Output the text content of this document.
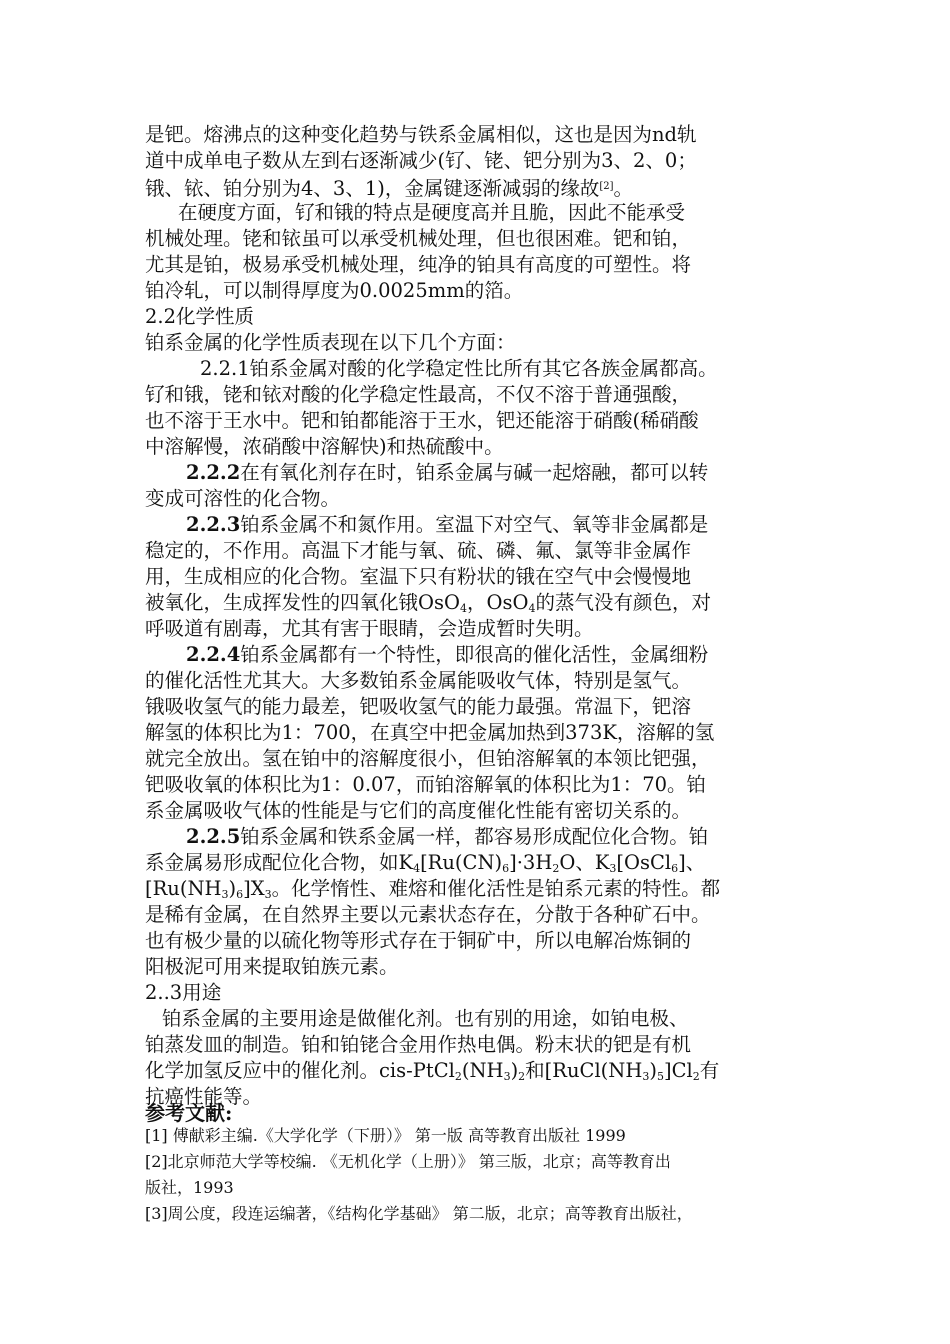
是钯。熔沸点的这种变化趋势与铁系金属相似，这也是因为nd轨
道中成单电子数从左到右逐渐减少(钌、铑、钯分别为3、2、0；
锇、铱、铂分别为4、3、1)，金属键逐渐减弱的缘故[2]。
在硬度方面，钌和锇的特点是硬度高并且脆，因此不能承受
机械处理。铑和铱虽可以承受机械处理，但也很困难。钯和铂，
尤其是铂，极易承受机械处理，纯净的铂具有高度的可塑性。将
铂冷轧，可以制得厚度为0.0025mm的箔。
2.2化学性质
铂系金属的化学性质表现在以下几个方面：
2.2.1铂系金属对酸的化学稳定性比所有其它各族金属都高。
钌和锇，铑和铱对酸的化学稳定性最高，不仅不溶于普通强酸，
也不溶于王水中。钯和铂都能溶于王水，钯还能溶于硝酸(稀硝酸
中溶解慢，浓硝酸中溶解快)和热硫酸中。
2.2.2在有氧化剂存在时，铂系金属与碱一起熔融，都可以转
变成可溶性的化合物。
2.2.3铂系金属不和氮作用。室温下对空气、氧等非金属都是
稳定的，不作用。高温下才能与氧、硫、磷、氟、氯等非金属作
用，生成相应的化合物。室温下只有粉状的锇在空气中会慢慢地
被氧化，生成挥发性的四氧化锇OsO$_4$，OsO$_4$的蒸气没有颜色，对
呼吸道有剧毒，尤其有害于眼睛，会造成暂时失明。
2.2.4铂系金属都有一个特性，即很高的催化活性，金属细粉
的催化活性尤其大。大多数铂系金属能吸收气体，特别是氢气。
锇吸收氢气的能力最差，钯吸收氢气的能力最强。常温下，钯溶
解氢的体积比为1：700，在真空中把金属加热到373K，溶解的氢
就完全放出。氢在铂中的溶解度很小，但铂溶解氧的本领比钯强，
钯吸收氧的体积比为1：0.07，而铂溶解氧的体积比为1：70。铂
系金属吸收气体的性能是与它们的高度催化性能有密切关系的。
2.2.5铂系金属和铁系金属一样，都容易形成配位化合物。铂
系金属易形成配位化合物，如$K_4[Ru(CN)_6]\cdot 3H_2O$、$K_3[OsCl_6]$、
$[Ru(NH_3)_6]X_3$。化学惰性、难熔和催化活性是铂系元素的特性。都
是稀有金属，在自然界主要以元素状态存在，分散于各种矿石中。
也有极少量的以硫化物等形式存在于铜矿中，所以电解冶炼铜的
阳极泥可用来提取铂族元素。
2..3用途
铂系金属的主要用途是做催化剂。也有别的用途，如铂电极、
铂蒸发皿的制造。铂和铂铑合金用作热电偶。粉末状的钯是有机
化学加氢反应中的催化剂。cis-$PtCl_2(NH_3)_2$和$[RuCl(NH_3)_5]Cl_2$有
抗癌性能等。
参考文献:
[1] 傅献彩主编.《大学化学（下册）》 第一版 高等教育出版社 1999
[2]北京师范大学等校编. 《无机化学（上册）》 第三版，北京；高等教育出
版社，1993
[3]周公度，段连运编著，《结构化学基础》 第二版，北京；高等教育出版社，
